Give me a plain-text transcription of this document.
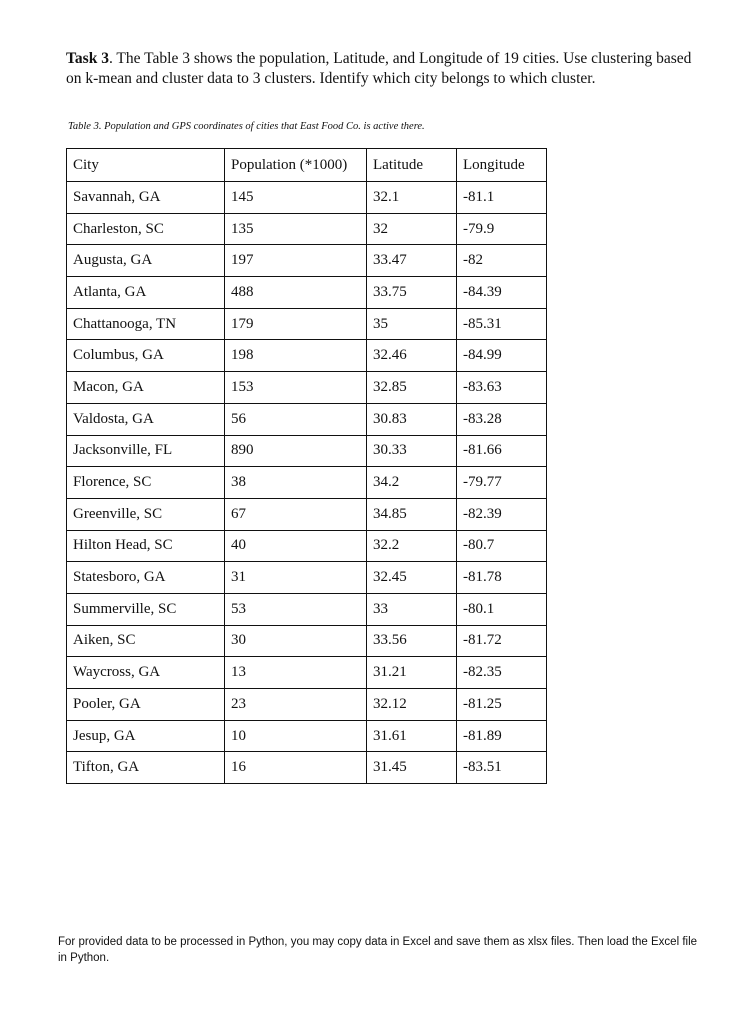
Task 3. The Table 3 shows the population, Latitude, and Longitude of 19 cities. Use clustering based on k-mean and cluster data to 3 clusters. Identify which city belongs to which cluster.
Table 3. Population and GPS coordinates of cities that East Food Co. is active there.
City	Population (*1000)	Latitude	Longitude
Savannah, GA	145	32.1	-81.1
Charleston, SC	135	32	-79.9
Augusta, GA	197	33.47	-82
Atlanta, GA	488	33.75	-84.39
Chattanooga, TN	179	35	-85.31
Columbus, GA	198	32.46	-84.99
Macon, GA	153	32.85	-83.63
Valdosta, GA	56	30.83	-83.28
Jacksonville, FL	890	30.33	-81.66
Florence, SC	38	34.2	-79.77
Greenville, SC	67	34.85	-82.39
Hilton Head, SC	40	32.2	-80.7
Statesboro, GA	31	32.45	-81.78
Summerville, SC	53	33	-80.1
Aiken, SC	30	33.56	-81.72
Waycross, GA	13	31.21	-82.35
Pooler, GA	23	32.12	-81.25
Jesup, GA	10	31.61	-81.89
Tifton, GA	16	31.45	-83.51
For provided data to be processed in Python, you may copy data in Excel and save them as xlsx files. Then load the Excel file in Python.
